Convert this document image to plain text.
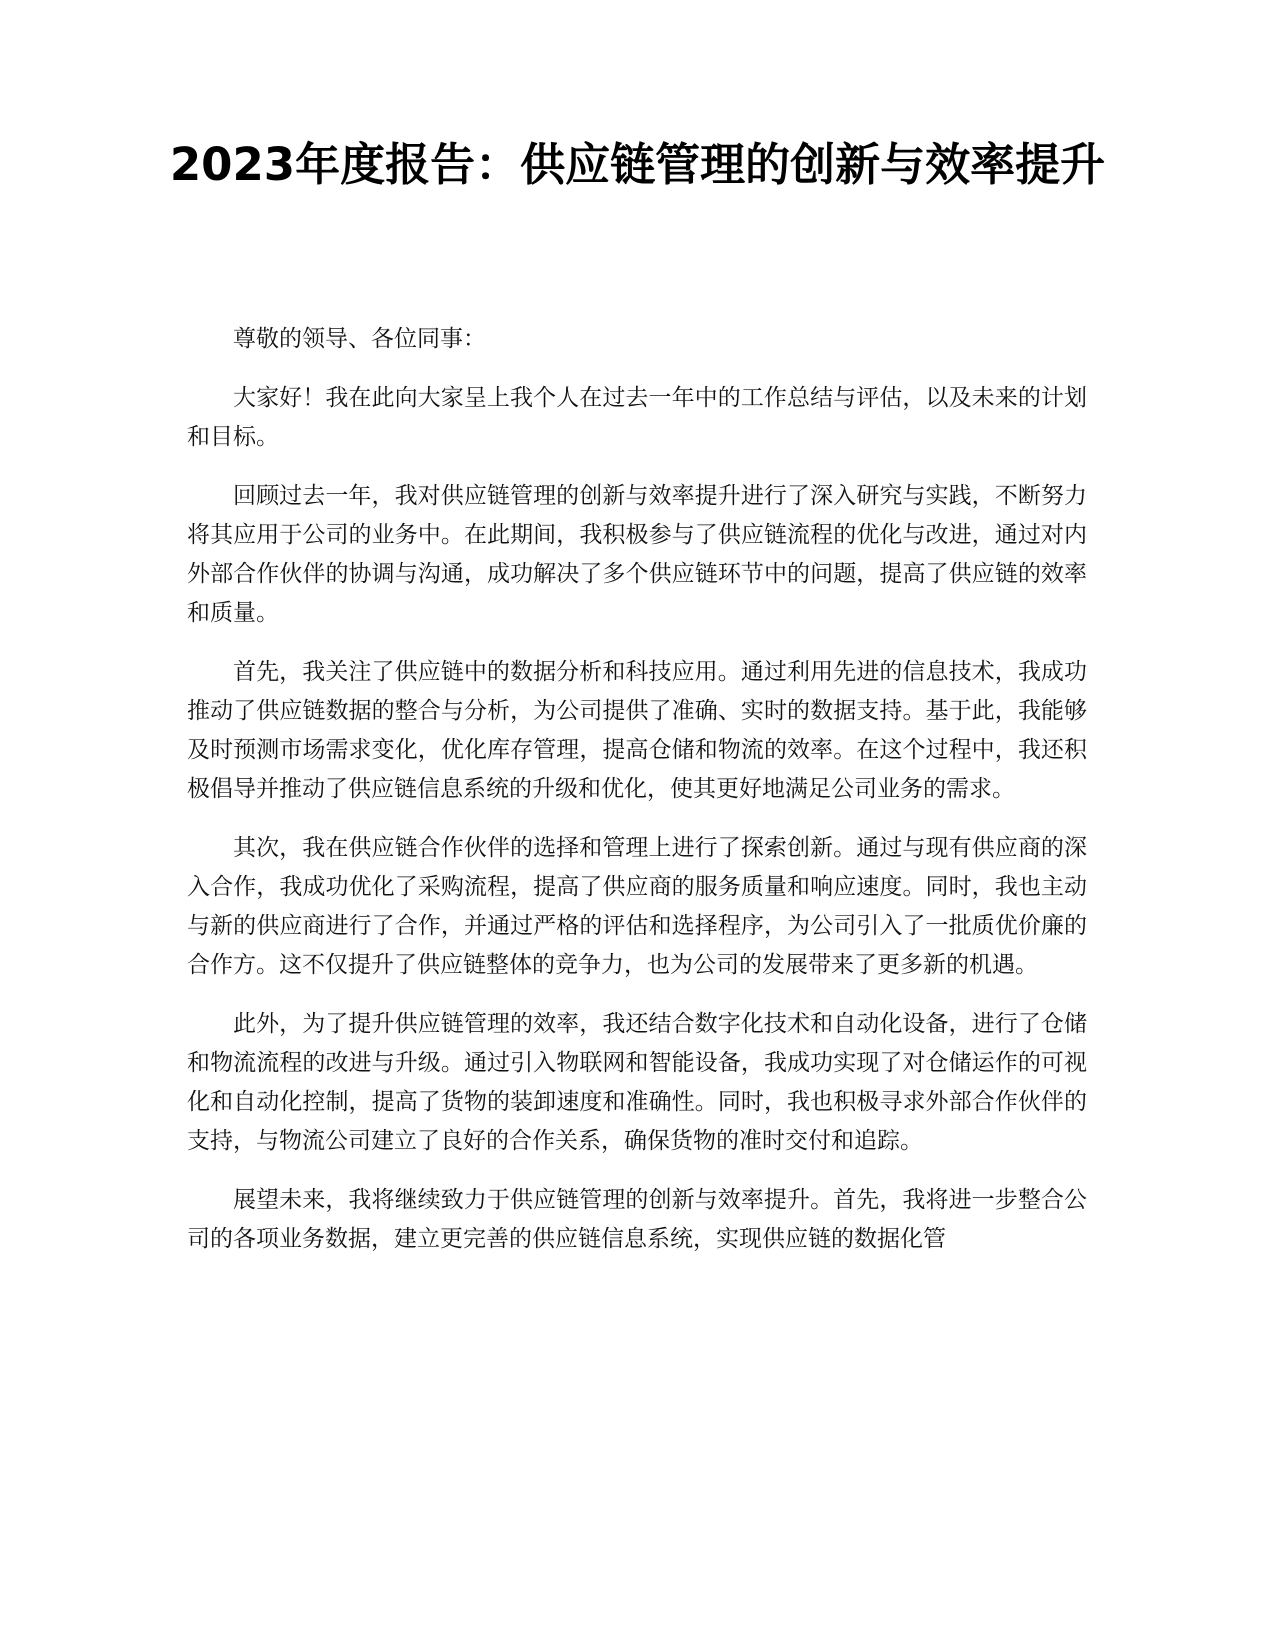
2023年度报告：供应链管理的创新与效率提升

尊敬的领导、各位同事：

大家好！我在此向大家呈上我个人在过去一年中的工作总结与评估，以及未来的计划和目标。

回顾过去一年，我对供应链管理的创新与效率提升进行了深入研究与实践，不断努力将其应用于公司的业务中。在此期间，我积极参与了供应链流程的优化与改进，通过对内外部合作伙伴的协调与沟通，成功解决了多个供应链环节中的问题，提高了供应链的效率和质量。

首先，我关注了供应链中的数据分析和科技应用。通过利用先进的信息技术，我成功推动了供应链数据的整合与分析，为公司提供了准确、实时的数据支持。基于此，我能够及时预测市场需求变化，优化库存管理，提高仓储和物流的效率。在这个过程中，我还积极倡导并推动了供应链信息系统的升级和优化，使其更好地满足公司业务的需求。

其次，我在供应链合作伙伴的选择和管理上进行了探索创新。通过与现有供应商的深入合作，我成功优化了采购流程，提高了供应商的服务质量和响应速度。同时，我也主动与新的供应商进行了合作，并通过严格的评估和选择程序，为公司引入了一批质优价廉的合作方。这不仅提升了供应链整体的竞争力，也为公司的发展带来了更多新的机遇。

此外，为了提升供应链管理的效率，我还结合数字化技术和自动化设备，进行了仓储和物流流程的改进与升级。通过引入物联网和智能设备，我成功实现了对仓储运作的可视化和自动化控制，提高了货物的装卸速度和准确性。同时，我也积极寻求外部合作伙伴的支持，与物流公司建立了良好的合作关系，确保货物的准时交付和追踪。

展望未来，我将继续致力于供应链管理的创新与效率提升。首先，我将进一步整合公司的各项业务数据，建立更完善的供应链信息系统，实现供应链的数据化管
